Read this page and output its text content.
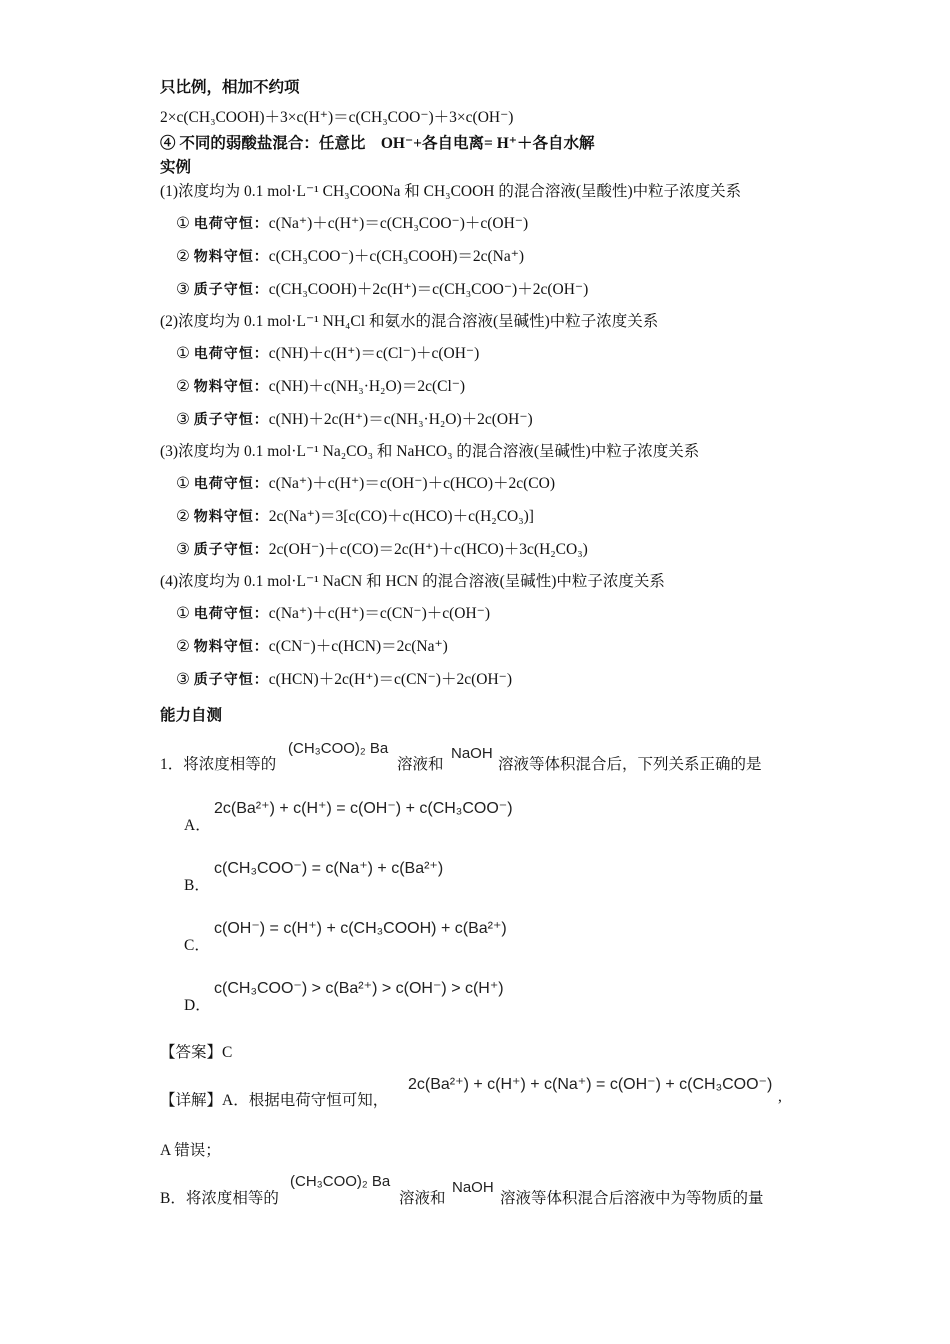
只比例，相加不约项
2×c(CH₃COOH)＋3×c(H⁺)＝c(CH₃COO⁻)＋3×c(OH⁻)
④ 不同的弱酸盐混合：任意比　OH⁻+各自电离= H⁺＋各自水解
实例
(1)浓度均为 0.1 mol·L⁻¹ CH₃COONa 和 CH₃COOH 的混合溶液(呈酸性)中粒子浓度关系
① 电荷守恒：c(Na⁺)＋c(H⁺)＝c(CH₃COO⁻)＋c(OH⁻)
② 物料守恒：c(CH₃COO⁻)＋c(CH₃COOH)＝2c(Na⁺)
③ 质子守恒：c(CH₃COOH)＋2c(H⁺)＝c(CH₃COO⁻)＋2c(OH⁻)
(2)浓度均为 0.1 mol·L⁻¹ NH₄Cl 和氨水的混合溶液(呈碱性)中粒子浓度关系
① 电荷守恒：c(NH)＋c(H⁺)＝c(Cl⁻)＋c(OH⁻)
② 物料守恒：c(NH)＋c(NH₃·H₂O)＝2c(Cl⁻)
③ 质子守恒：c(NH)＋2c(H⁺)＝c(NH₃·H₂O)＋2c(OH⁻)
(3)浓度均为 0.1 mol·L⁻¹ Na₂CO₃ 和 NaHCO₃ 的混合溶液(呈碱性)中粒子浓度关系
① 电荷守恒：c(Na⁺)＋c(H⁺)＝c(OH⁻)＋c(HCO)＋2c(CO)
② 物料守恒：2c(Na⁺)＝3[c(CO)＋c(HCO)＋c(H₂CO₃)]
③ 质子守恒：2c(OH⁻)＋c(CO)＝2c(H⁺)＋c(HCO)＋3c(H₂CO₃)
(4)浓度均为 0.1 mol·L⁻¹ NaCN 和 HCN 的混合溶液(呈碱性)中粒子浓度关系
① 电荷守恒：c(Na⁺)＋c(H⁺)＝c(CN⁻)＋c(OH⁻)
② 物料守恒：c(CN⁻)＋c(HCN)＝2c(Na⁺)
③ 质子守恒：c(HCN)＋2c(H⁺)＝c(CN⁻)＋2c(OH⁻)
能力自测
1．将浓度相等的
(CH₃COO)₂ Ba
溶液和
NaOH
溶液等体积混合后，下列关系正确的是
A．
2c(Ba²⁺) + c(H⁺) = c(OH⁻) + c(CH₃COO⁻)
B．
c(CH₃COO⁻) = c(Na⁺) + c(Ba²⁺)
C．
c(OH⁻) = c(H⁺) + c(CH₃COOH) + c(Ba²⁺)
D．
c(CH₃COO⁻) > c(Ba²⁺) > c(OH⁻) > c(H⁺)
【答案】C
【详解】A．根据电荷守恒可知，
2c(Ba²⁺) + c(H⁺) + c(Na⁺) = c(OH⁻) + c(CH₃COO⁻)
,
A 错误；
B．将浓度相等的
(CH₃COO)₂ Ba
溶液和
NaOH
溶液等体积混合后溶液中为等物质的量
